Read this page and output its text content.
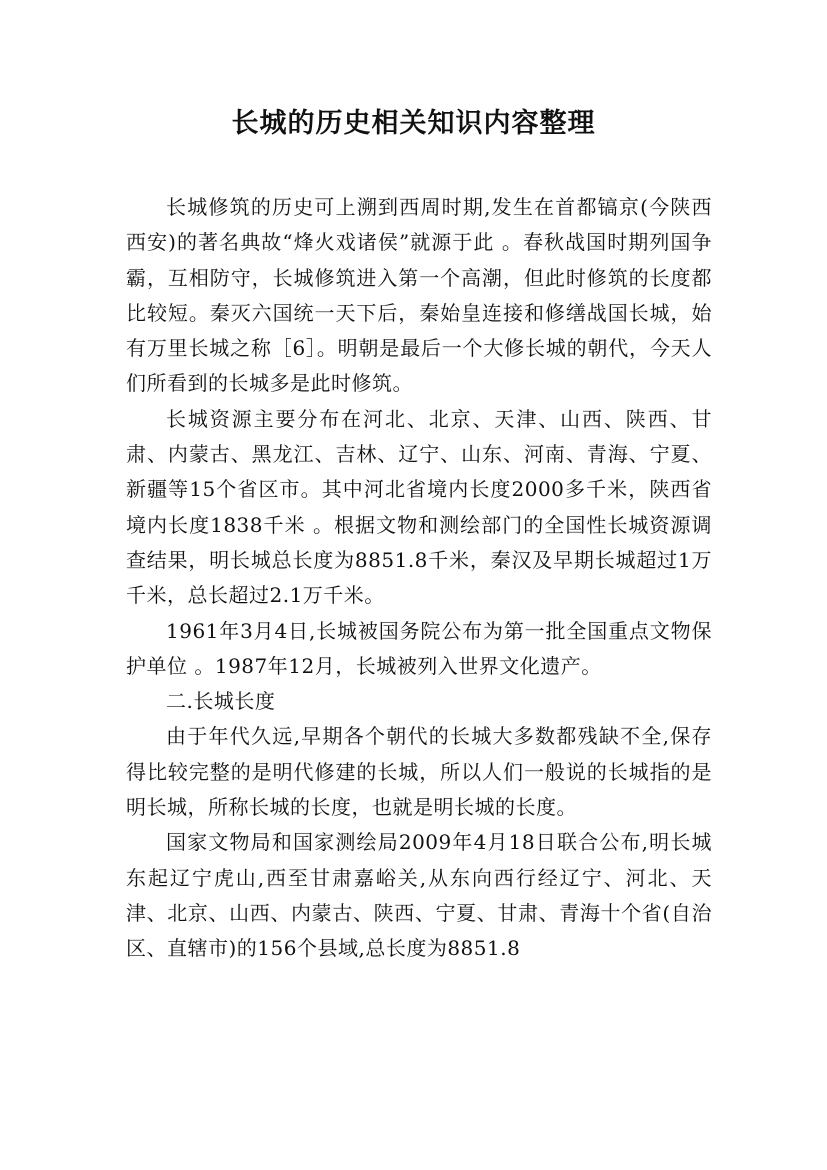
长城的历史相关知识内容整理

长城修筑的历史可上溯到西周时期,发生在首都镐京(今陕西西安)的著名典故“烽火戏诸侯”就源于此 。春秋战国时期列国争霸，互相防守，长城修筑进入第一个高潮，但此时修筑的长度都比较短。秦灭六国统一天下后，秦始皇连接和修缮战国长城，始有万里长城之称［6］。明朝是最后一个大修长城的朝代，今天人们所看到的长城多是此时修筑。

长城资源主要分布在河北、北京、天津、山西、陕西、甘肃、内蒙古、黑龙江、吉林、辽宁、山东、河南、青海、宁夏、新疆等15个省区市。其中河北省境内长度2000多千米，陕西省境内长度1838千米 。根据文物和测绘部门的全国性长城资源调查结果，明长城总长度为8851.8千米，秦汉及早期长城超过1万千米，总长超过2.1万千米。

1961年3月4日,长城被国务院公布为第一批全国重点文物保护单位 。1987年12月，长城被列入世界文化遗产。

二.长城长度

由于年代久远,早期各个朝代的长城大多数都残缺不全,保存得比较完整的是明代修建的长城，所以人们一般说的长城指的是明长城，所称长城的长度，也就是明长城的长度。

国家文物局和国家测绘局2009年4月18日联合公布,明长城东起辽宁虎山,西至甘肃嘉峪关,从东向西行经辽宁、河北、天津、北京、山西、内蒙古、陕西、宁夏、甘肃、青海十个省(自治区、直辖市)的156个县域,总长度为8851.8
